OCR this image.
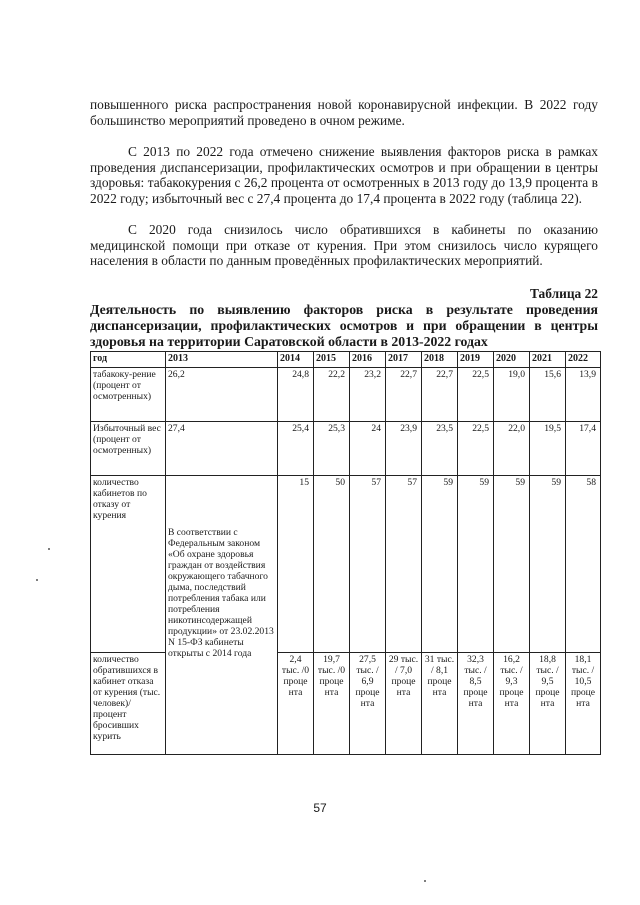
повышенного риска распространения новой коронавирусной инфекции. В 2022 году большинство мероприятий проведено в очном режиме.

С 2013 по 2022 года отмечено снижение выявления факторов риска в рамках проведения диспансеризации, профилактических осмотров и при обращении в центры здоровья: табакокурения с 26,2 процента от осмотренных в 2013 году до 13,9 процента в 2022 году; избыточный вес с 27,4 процента до 17,4 процента в 2022 году (таблица 22).

С 2020 года снизилось число обратившихся в кабинеты по оказанию медицинской помощи при отказе от курения. При этом снизилось число курящего населения в области по данным проведённых профилактических мероприятий.

Таблица 22

Деятельность по выявлению факторов риска в результате проведения диспансеризации, профилактических осмотров и при обращении в центры здоровья на территории Саратовской области в 2013-2022 годах

год	2013	2014	2015	2016	2017	2018	2019	2020	2021	2022
табакоку-рение (процент от осмотренных)	26,2	24,8	22,2	23,2	22,7	22,7	22,5	19,0	15,6	13,9
Избыточный вес (процент от осмотренных)	27,4	25,4	25,3	24	23,9	23,5	22,5	22,0	19,5	17,4
количество кабинетов по отказу от курения	В соответствии с Федеральным законом «Об охране здоровья граждан от воздействия окружающего табачного дыма, последствий потребления табака или потребления никотинсодержащей продукции» от 23.02.2013 N 15-ФЗ кабинеты открыты с 2014 года	15	50	57	57	59	59	59	59	58
количество обратившихся в кабинет отказа от курения (тыс. человек)/процент бросивших курить		2,4 тыс. /0 проце нта	19,7 тыс. /0 проце нта	27,5 тыс. / 6,9 проце нта	29 тыс. / 7,0 проце нта	31 тыс. / 8,1 проце нта	32,3 тыс. / 8,5 проце нта	16,2 тыс. / 9,3 проце нта	18,8 тыс. / 9,5 проце нта	18,1 тыс. / 10,5 проце нта
57
